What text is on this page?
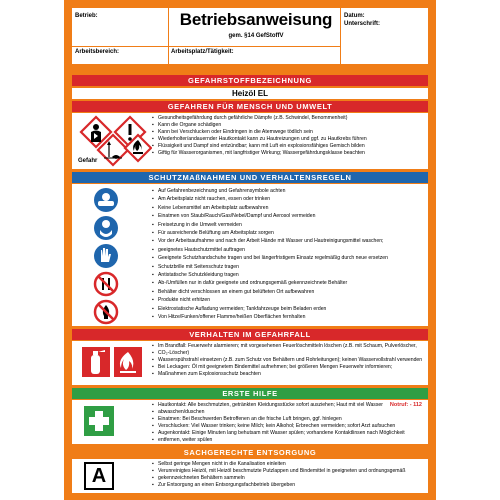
Betrieb:
Arbeitsbereich:	Arbeitsplatz/Tätigkeit:
Betriebsanweisung
gem. §14 GefStoffV
Datum:
Unterschrift:
GEFAHRSTOFFBEZEICHNUNG
Heizöl EL
GEFAHREN FÜR MENSCH UND UMWELT
Gefahr
▪ Gesundheitsgefährdung durch gefährliche Dämpfe (z.B. Schwindel, Benommenheit)
▪ Kann die Organe schädigen
▪ Kann bei Verschlucken oder Eindringen in die Atemwege tödlich sein
▪ Wiederholter/andauernder Hautkontakt kann zu Hautreizungen und ggf. zu Hautkrebs führen
▪ Flüssigkeit und Dampf sind entzündbar; kann mit Luft ein explosionsfähiges Gemisch bilden
▪ Giftig für Wasserorganismen, mit langfristiger Wirkung; Wassergefährdungsklasse beachten
SCHUTZMAßNAHMEN UND VERHALTENSREGELN
▪ Auf Gefahrenbezeichnung und Gefahrensymbole achten
▪ Am Arbeitsplatz nicht rauchen, essen oder trinken
▪ Keine Lebensmittel am Arbeitsplatz aufbewahren
▪ Einatmen von Staub/Rauch/Gas/Nebel/Dampf und Aerosol vermeiden
▪ Freisetzung in die Umwelt vermeiden
▪ Für ausreichende Belüftung am Arbeitsplatz sorgen
▪ Vor der Arbeitsaufnahme und nach der Arbeit Hände mit Wasser und Hautreinigungsmittel waschen;
▪ geeignetes Hautschutzmittel auftragen
▪ Geeignete Schutzhandschuhe tragen und bei längerfristigem Einsatz regelmäßig durch neue ersetzen
▪ Schutzbrille mit Seitenschutz tragen
▪ Antistatische Schutzkleidung tragen
▪ Ab-/Umfüllen nur in dafür geeignete und ordnungsgemäß gekennzeichnete Behälter
▪ Behälter dicht verschlossen an einem gut belüfteten Ort aufbewahren
▪ Produkte nicht erhitzen
▪ Elektrostatische Aufladung vermeiden; Tankfahrzeuge beim Beladen erden
▪ Von Hitze/Funken/offener Flamme/heißen Oberflächen fernhalten
VERHALTEN IM GEFAHRFALL
▪ Im Brandfall: Feuerwehr alarmieren; mit vorgesehenen Feuerlöschmitteln löschen (z.B. mit Schaum, Pulverlöscher,
▪ CO₂-Löscher)
▪ Wasserspühstrahl einsetzen (z.B. zum Schutz von Behältern und Rohrleitungen); keinen Wasservollstrahl verwenden
▪ Bei Leckagen: Öl mit geeignetem Bindemittel aufnehmen; bei größeren Mengen Feuerwehr informieren;
▪ Maßnahmen zum Explosionsschutz beachten
ERSTE HILFE
▪ Hautkontakt: Alle beschmutzten, getränkten Kleidungsstücke sofort ausziehen; Haut mit viel Wasser
▪ abwaschen/duschen
▪ Einatmen: Bei Beschwerden Betroffenen an die frische Luft bringen, ggf. hinlegen
▪ Verschlucken: Viel Wasser trinken; keine Milch; kein Alkohol; Erbrechen vermeiden; sofort Arzt aufsuchen
▪ Augenkontakt: Einige Minuten lang behutsam mit Wasser spülen; vorhandene Kontaktlinsen nach Möglichkeit
▪ entfernen, weiter spülen
Notruf: - 112
SACHGERECHTE ENTSORGUNG
A
▪ Selbst geringe Mengen nicht in die Kanalisation einleiten
▪ Verunreinigtes Heizöl, mit Heizöl beschmutzte Putzlappen und Bindemittel in geeigneten und ordnungsgemäß
▪ gekennzeichneten Behältern sammeln
▪ Zur Entsorgung an einen Entsorgungsfachbetrieb übergeben
